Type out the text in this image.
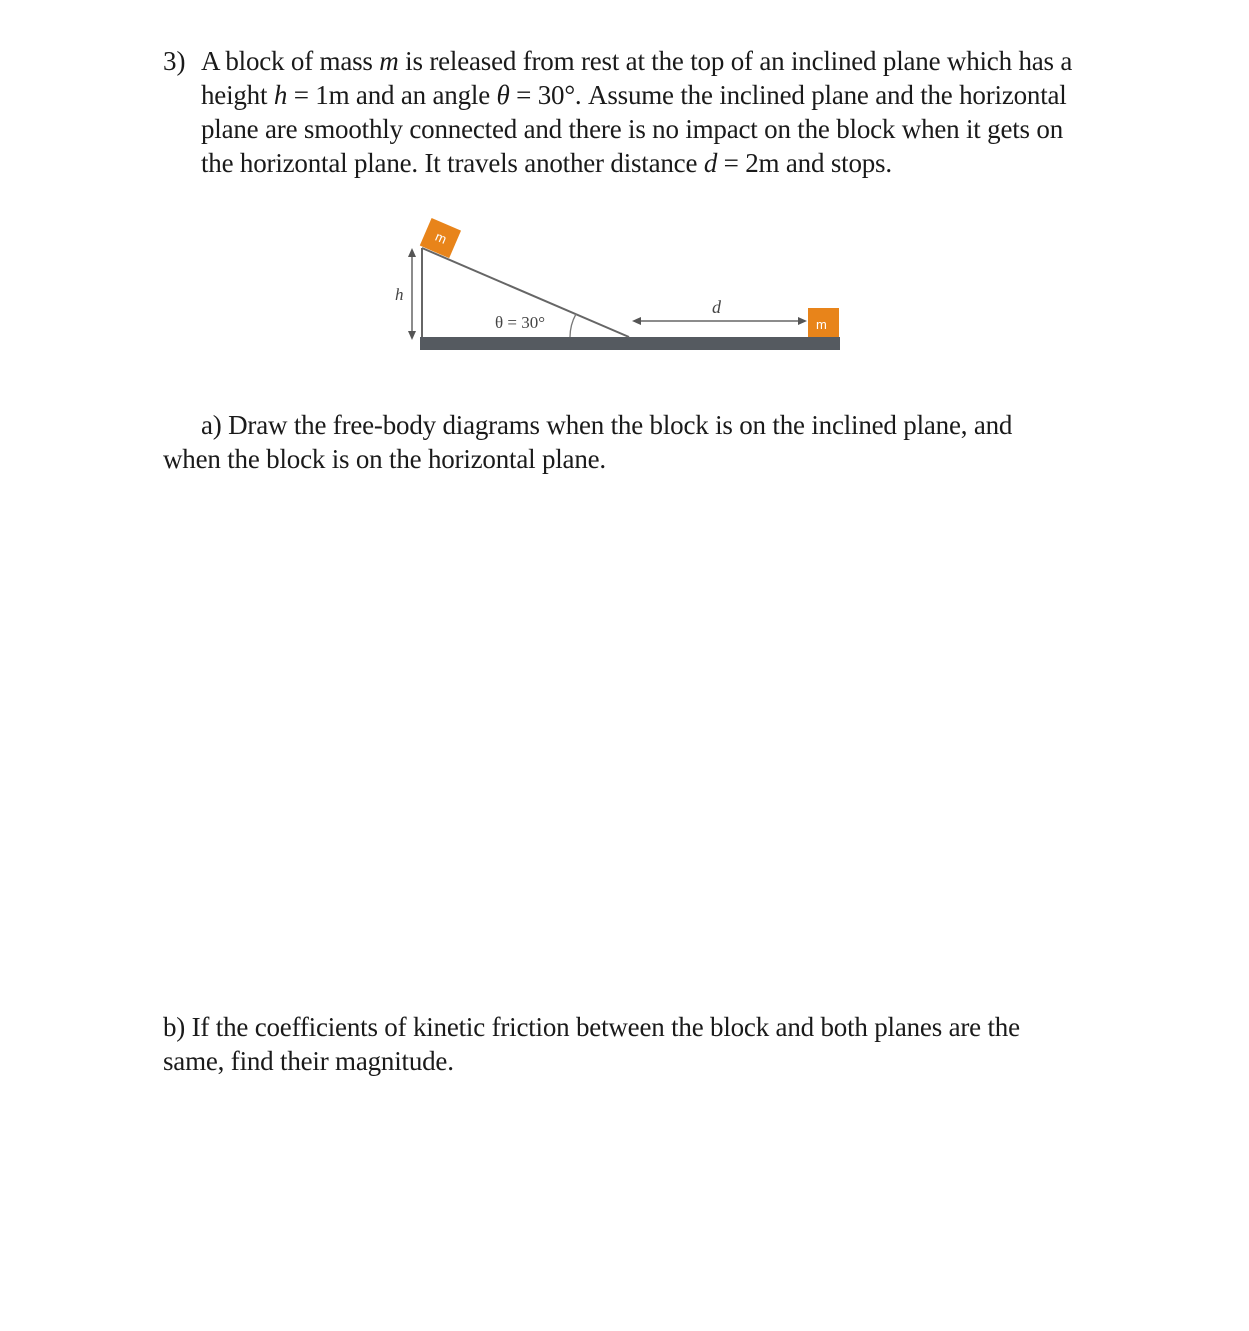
3) A block of mass m is released from rest at the top of an inclined plane which has a height h = 1m and an angle θ = 30°. Assume the inclined plane and the horizontal plane are smoothly connected and there is no impact on the block when it gets on the horizontal plane. It travels another distance d = 2m and stops.
m
m
h
θ = 30°
d
a) Draw the free-body diagrams when the block is on the inclined plane, and when the block is on the horizontal plane.
b) If the coefficients of kinetic friction between the block and both planes are the same, find their magnitude.
